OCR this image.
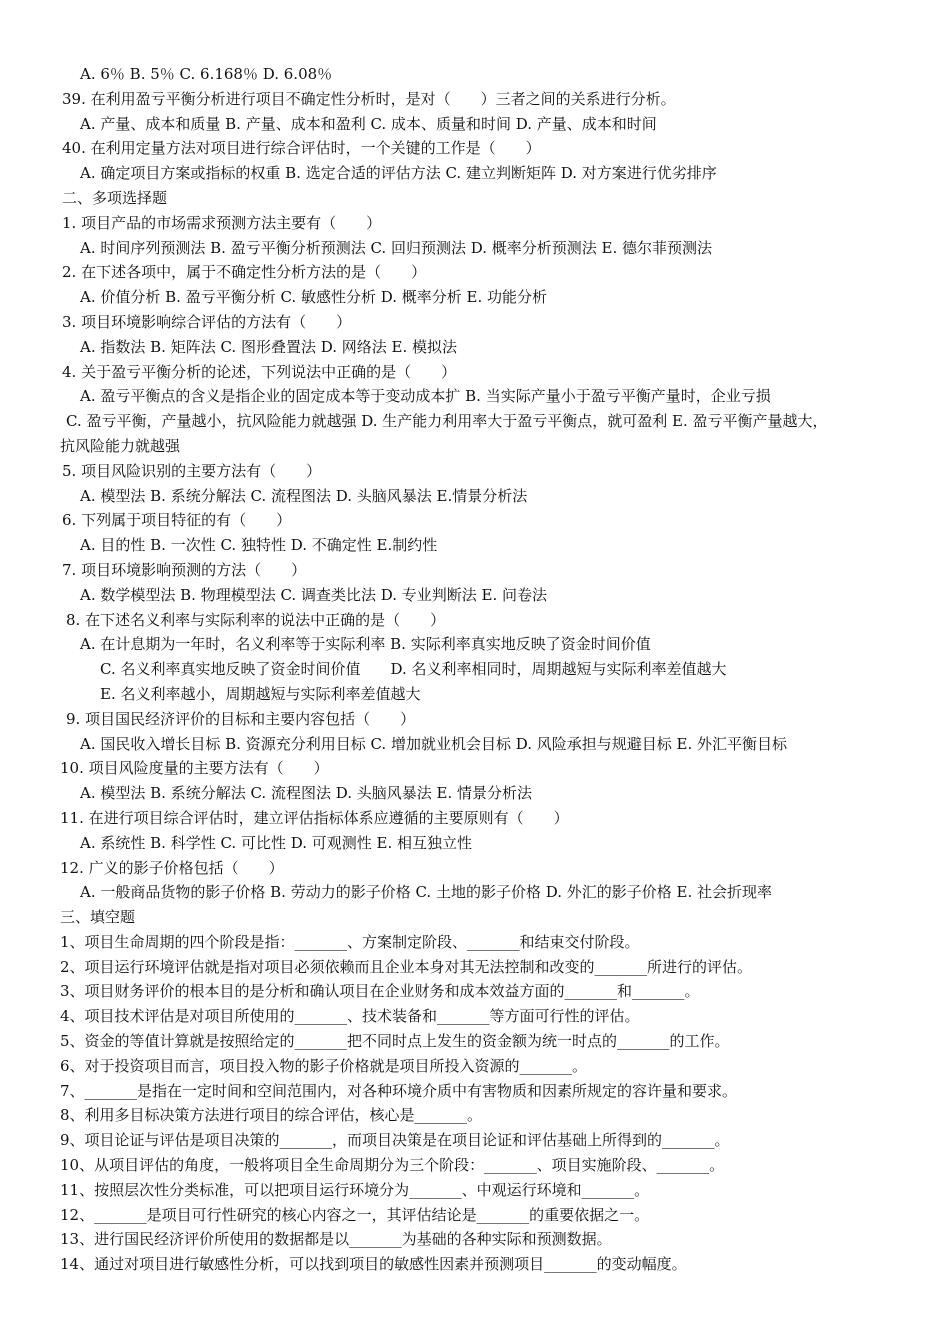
A. 6％ B. 5％ C. 6.168％ D. 6.08％
39. 在利用盈亏平衡分析进行项目不确定性分析时，是对（　　）三者之间的关系进行分析。
A. 产量、成本和质量 B. 产量、成本和盈利 C. 成本、质量和时间 D. 产量、成本和时间
40. 在利用定量方法对项目进行综合评估时，一个关键的工作是（　　）
A. 确定项目方案或指标的权重 B. 选定合适的评估方法 C. 建立判断矩阵 D. 对方案进行优劣排序
二、多项选择题
1. 项目产品的市场需求预测方法主要有（　　）
A. 时间序列预测法 B. 盈亏平衡分析预测法 C. 回归预测法 D. 概率分析预测法 E. 德尔菲预测法
2. 在下述各项中，属于不确定性分析方法的是（　　）
A. 价值分析 B. 盈亏平衡分析 C. 敏感性分析 D. 概率分析 E. 功能分析
3. 项目环境影响综合评估的方法有（　　）
A. 指数法 B. 矩阵法 C. 图形叠置法 D. 网络法 E. 模拟法
4. 关于盈亏平衡分析的论述，下列说法中正确的是（　　）
A. 盈亏平衡点的含义是指企业的固定成本等于变动成本扩 B. 当实际产量小于盈亏平衡产量时，企业亏损
C. 盈亏平衡，产量越小，抗风险能力就越强 D. 生产能力利用率大于盈亏平衡点，就可盈利 E. 盈亏平衡产量越大，
抗风险能力就越强
5. 项目风险识别的主要方法有（　　）
A. 模型法 B. 系统分解法 C. 流程图法 D. 头脑风暴法 E.情景分析法
6. 下列属于项目特征的有（　　）
A. 目的性 B. 一次性 C. 独特性 D. 不确定性 E.制约性
7. 项目环境影响预测的方法（　　）
A. 数学模型法 B. 物理模型法 C. 调查类比法 D. 专业判断法 E. 问卷法
8. 在下述名义利率与实际利率的说法中正确的是（　　）
A. 在计息期为一年时，名义利率等于实际利率 B. 实际利率真实地反映了资金时间价值
C. 名义利率真实地反映了资金时间价值　　D. 名义利率相同时，周期越短与实际利率差值越大
E. 名义利率越小，周期越短与实际利率差值越大
9. 项目国民经济评价的目标和主要内容包括（　　）
A. 国民收入增长目标 B. 资源充分利用目标 C. 增加就业机会目标 D. 风险承担与规避目标 E. 外汇平衡目标
10. 项目风险度量的主要方法有（　　）
A. 模型法 B. 系统分解法 C. 流程图法 D. 头脑风暴法 E. 情景分析法
11. 在进行项目综合评估时，建立评估指标体系应遵循的主要原则有（　　）
A. 系统性 B. 科学性 C. 可比性 D. 可观测性 E. 相互独立性
12. 广义的影子价格包括（　　）
A. 一般商品货物的影子价格 B. 劳动力的影子价格 C. 土地的影子价格 D. 外汇的影子价格 E. 社会折现率
三、填空题
1、项目生命周期的四个阶段是指：_______、方案制定阶段、_______和结束交付阶段。
2、项目运行环境评估就是指对项目必须依赖而且企业本身对其无法控制和改变的_______所进行的评估。
3、项目财务评价的根本目的是分析和确认项目在企业财务和成本效益方面的_______和_______。
4、项目技术评估是对项目所使用的_______、技术装备和_______等方面可行性的评估。
5、资金的等值计算就是按照给定的_______把不同时点上发生的资金额为统一时点的_______的工作。
6、对于投资项目而言，项目投入物的影子价格就是项目所投入资源的_______。
7、_______是指在一定时间和空间范围内，对各种环境介质中有害物质和因素所规定的容许量和要求。
8、利用多目标决策方法进行项目的综合评估，核心是_______。
9、项目论证与评估是项目决策的_______，而项目决策是在项目论证和评估基础上所得到的_______。
10、从项目评估的角度，一般将项目全生命周期分为三个阶段：_______、项目实施阶段、_______。
11、按照层次性分类标准，可以把项目运行环境分为_______、中观运行环境和_______。
12、_______是项目可行性研究的核心内容之一，其评估结论是_______的重要依据之一。
13、进行国民经济评价所使用的数据都是以_______为基础的各种实际和预测数据。
14、通过对项目进行敏感性分析，可以找到项目的敏感性因素并预测项目_______的变动幅度。
